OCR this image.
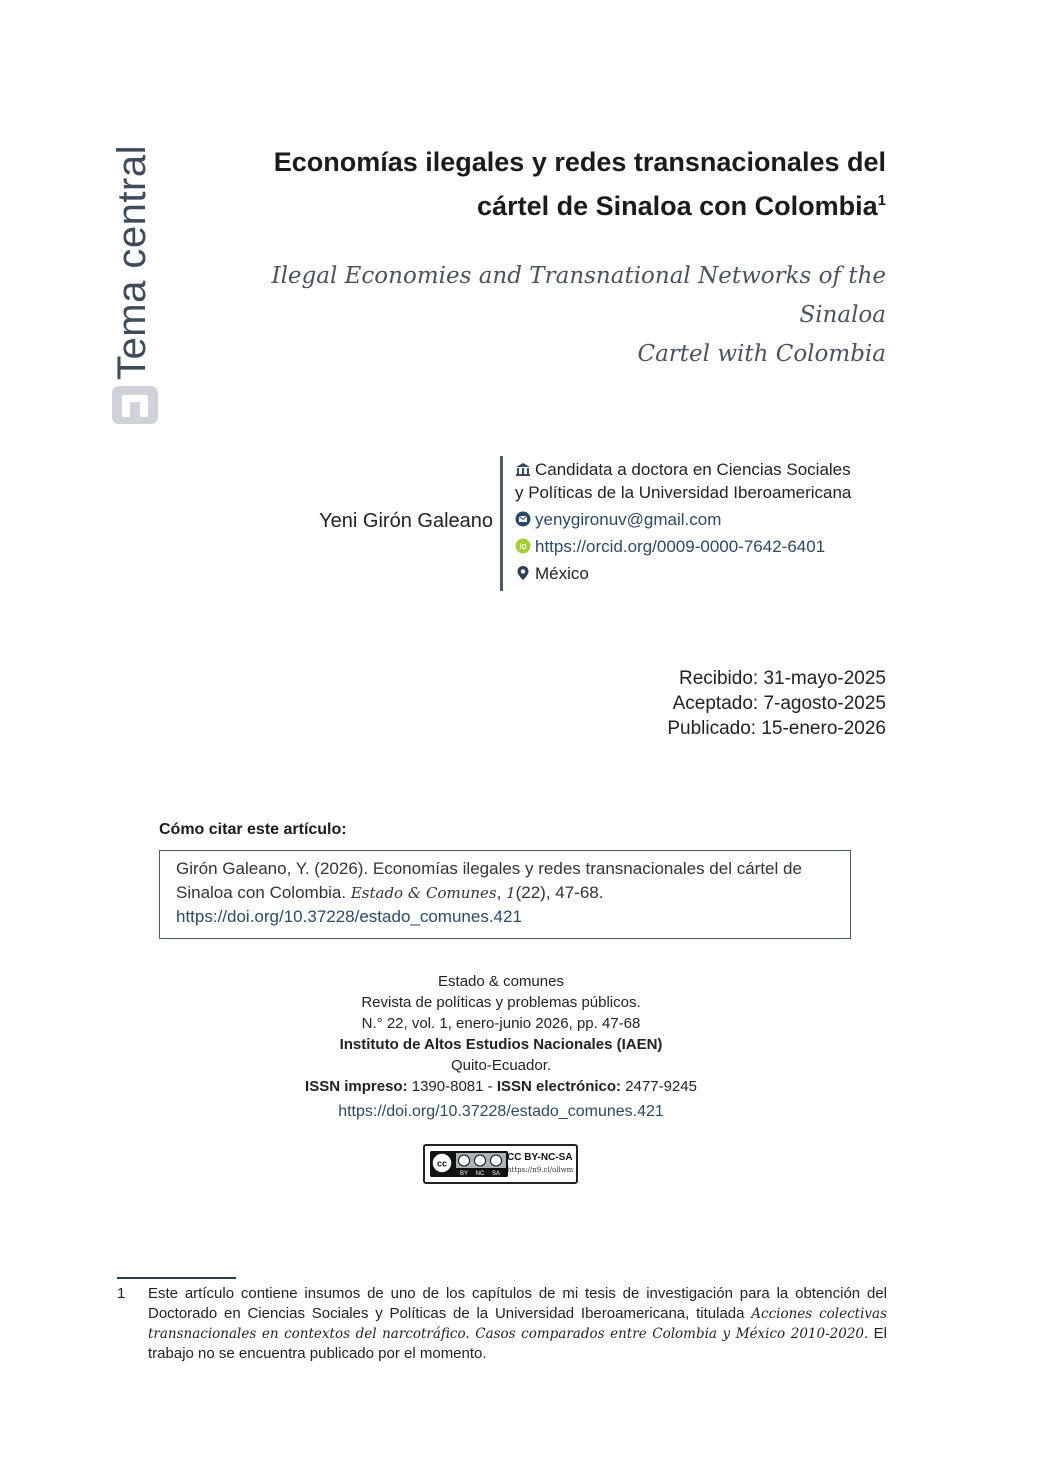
Tema central	Economías ilegales y redes transnacionales del
cártel de Sinaloa con Colombia$^1$
Ilegal Economies and Transnational Networks of the Sinaloa
Cartel with Colombia
Yeni Girón Galeano
Candidata a doctora en Ciencias Sociales
y Políticas de la Universidad Iberoamericana
yenygironuv@gmail.com
iD https://orcid.org/0009-0000-7642-6401
México
Recibido: 31-mayo-2025
Aceptado: 7-agosto-2025
Publicado: 15-enero-2026
Cómo citar este artículo:
Girón Galeano, Y. (2026). Economías ilegales y redes transnacionales del cártel de Sinaloa con Colombia. Estado & Comunes, 1(22), 47-68. https://doi.org/10.37228/estado_comunes.421
Estado & comunes
Revista de políticas y problemas públicos.
N.° 22, vol. 1, enero-junio 2026, pp. 47-68
Instituto de Altos Estudios Nacionales (IAEN)
Quito-Ecuador.
ISSN impreso: 1390-8081 - ISSN electrónico: 2477-9245
https://doi.org/10.37228/estado_comunes.421
cc
BY NC SA
CC BY-NC-SA
https://n9.cl/ollwm
1 Este artículo contiene insumos de uno de los capítulos de mi tesis de investigación para la obtención del Doctorado en Ciencias Sociales y Políticas de la Universidad Iberoamericana, titulada Acciones colectivas transnacionales en contextos del narcotráfico. Casos comparados entre Colombia y México 2010-2020. El trabajo no se encuentra publicado por el momento.
